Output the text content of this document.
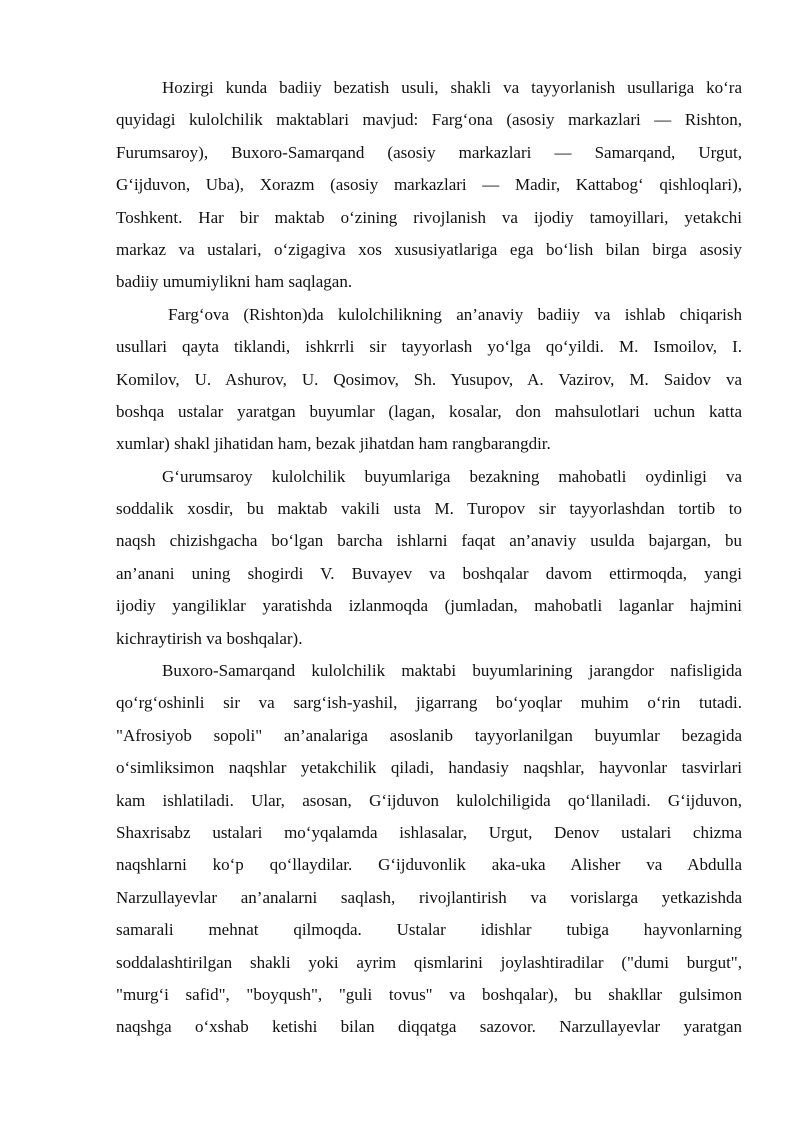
Hozirgi kunda badiiy bezatish usuli, shakli va tayyorlanish usullariga ko‘ra
quyidagi kulolchilik maktablari mavjud: Farg‘ona (asosiy markazlari — Rishton,
Furumsaroy), Buxoro-Samarqand (asosiy markazlari — Samarqand, Urgut,
G‘ijduvon, Uba), Xorazm (asosiy markazlari — Madir, Kattabog‘ qishloqlari),
Toshkent. Har bir maktab o‘zining rivojlanish va ijodiy tamoyillari, yetakchi
markaz va ustalari, o‘zigagiva xos xususiyatlariga ega bo‘lish bilan birga asosiy
badiiy umumiylikni ham saqlagan.
Farg‘ova (Rishton)da kulolchilikning an’anaviy badiiy va ishlab chiqarish
usullari qayta tiklandi, ishkrrli sir tayyorlash yo‘lga qo‘yildi. M. Ismoilov, I.
Komilov, U. Ashurov, U. Qosimov, Sh. Yusupov, A. Vazirov, M. Saidov va
boshqa ustalar yaratgan buyumlar (lagan, kosalar, don mahsulotlari uchun katta
xumlar) shakl jihatidan ham, bezak jihatdan ham rangbarangdir.
G‘urumsaroy kulolchilik buyumlariga bezakning mahobatli oydinligi va
soddalik xosdir, bu maktab vakili usta M. Turopov sir tayyorlashdan tortib to
naqsh chizishgacha bo‘lgan barcha ishlarni faqat an’anaviy usulda bajargan, bu
an’anani uning shogirdi V. Buvayev va boshqalar davom ettirmoqda, yangi
ijodiy yangiliklar yaratishda izlanmoqda (jumladan, mahobatli laganlar hajmini
kichraytirish va boshqalar).
Buxoro-Samarqand kulolchilik maktabi buyumlarining jarangdor nafisligida
qo‘rg‘oshinli sir va sarg‘ish-yashil, jigarrang bo‘yoqlar muhim o‘rin tutadi.
"Afrosiyob sopoli" an’analariga asoslanib tayyorlanilgan buyumlar bezagida
o‘simliksimon naqshlar yetakchilik qiladi, handasiy naqshlar, hayvonlar tasvirlari
kam ishlatiladi. Ular, asosan, G‘ijduvon kulolchiligida qo‘llaniladi. G‘ijduvon,
Shaxrisabz ustalari mo‘yqalamda ishlasalar, Urgut, Denov ustalari chizma
naqshlarni ko‘p qo‘llaydilar. G‘ijduvonlik aka-uka Alisher va Abdulla
Narzullayevlar an’analarni saqlash, rivojlantirish va vorislarga yetkazishda
samarali mehnat qilmoqda. Ustalar idishlar tubiga hayvonlarning
soddalashtirilgan shakli yoki ayrim qismlarini joylashtiradilar ("dumi burgut",
"murg‘i safid", "boyqush", "guli tovus" va boshqalar), bu shakllar gulsimon
naqshga o‘xshab ketishi bilan diqqatga sazovor. Narzullayevlar yaratgan
